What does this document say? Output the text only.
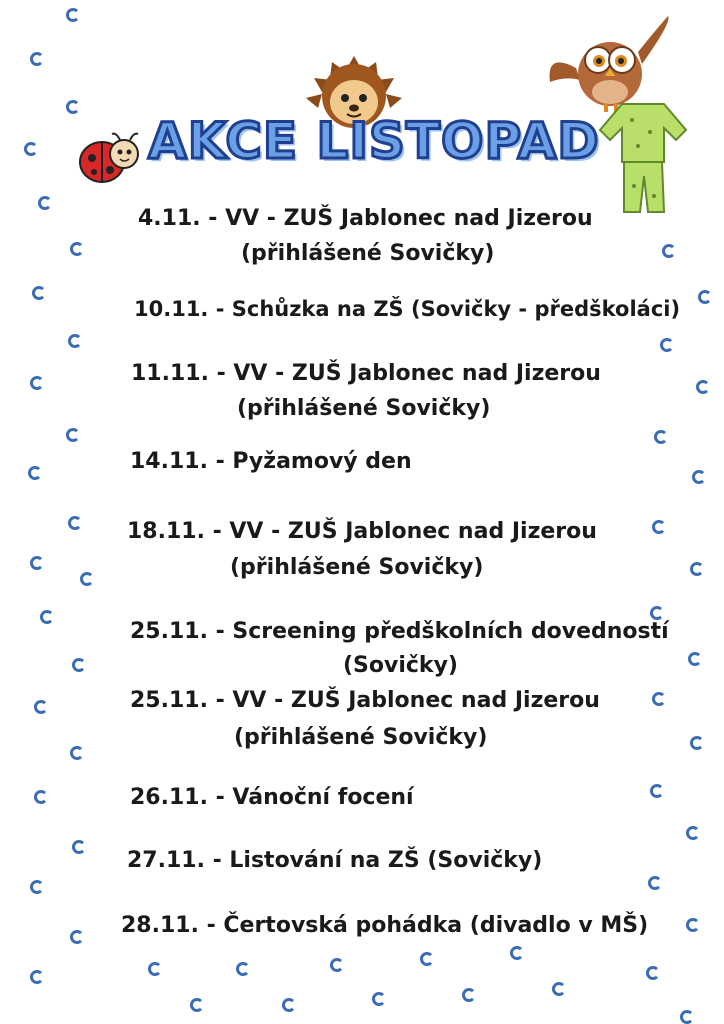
AKCE LISTOPAD
4.11. - VV - ZUŠ Jablonec nad Jizerou
(přihlášené Sovičky)
10.11. - Schůzka na ZŠ (Sovičky - předškoláci)
11.11. - VV - ZUŠ Jablonec nad Jizerou
(přihlášené Sovičky)
14.11. - Pyžamový den
18.11. - VV - ZUŠ Jablonec nad Jizerou
(přihlášené Sovičky)
25.11. - Screening předškolních dovedností
(Sovičky)
25.11. - VV - ZUŠ Jablonec nad Jizerou
(přihlášené Sovičky)
26.11. - Vánoční focení
27.11. - Listování na ZŠ (Sovičky)
28.11. - Čertovská pohádka (divadlo v MŠ)
